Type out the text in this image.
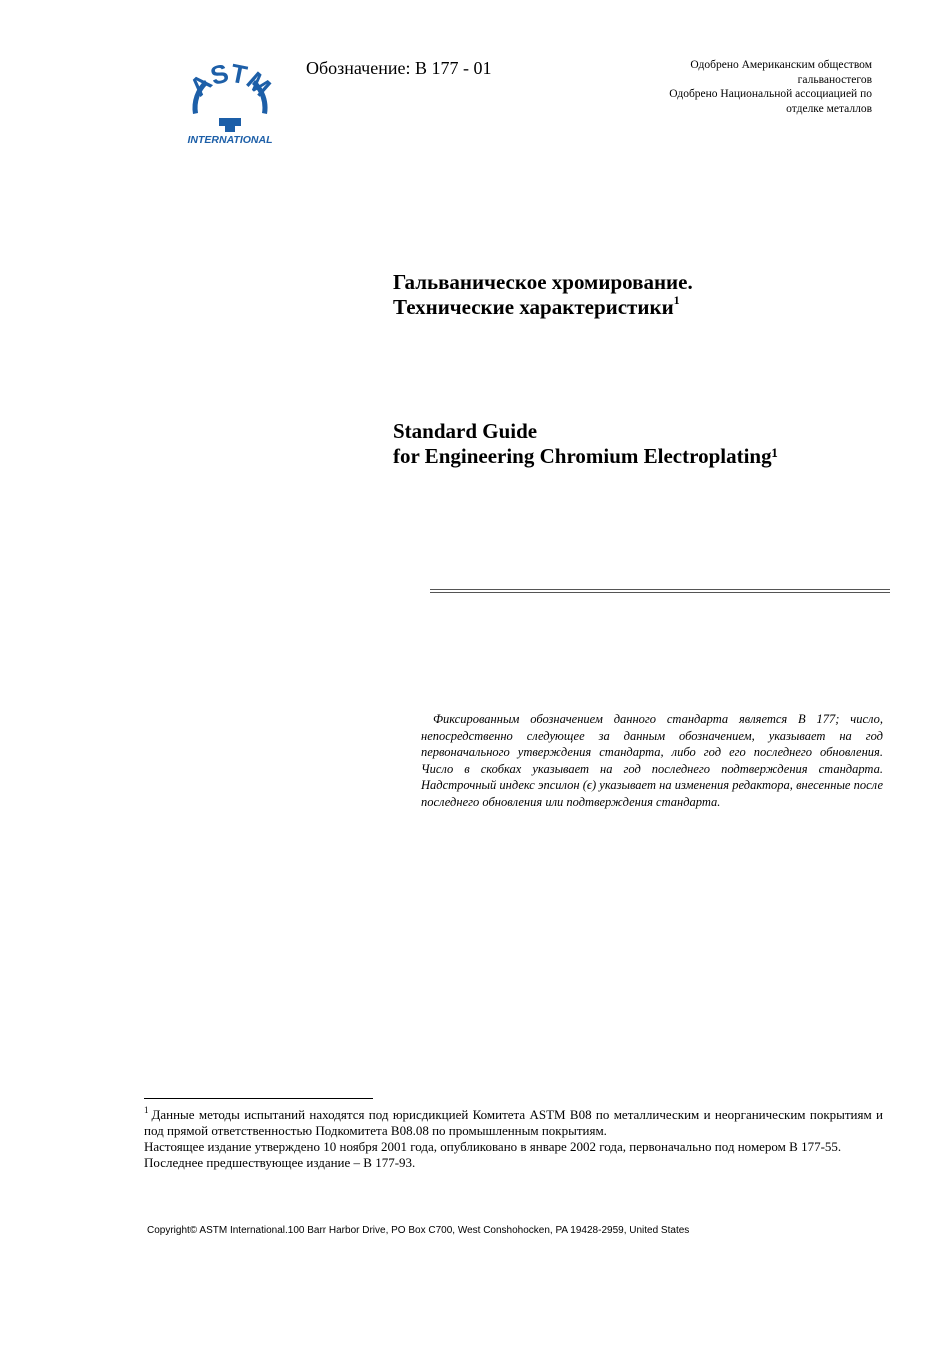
ASTM
INTERNATIONAL
Обозначение: B 177 - 01	Одобрено Американским обществом
гальваностегов
Одобрено Национальной ассоциацией по
отделке металлов
Гальваническое хромирование.
Технические характеристики$^1$
Standard Guide
for Engineering Chromium Electroplating¹
Фиксированным обозначением данного стандарта является B 177; число, непосредственно следующее за данным обозначением, указывает на год первоначального утверждения стандарта, либо год его последнего обновления. Число в скобках указывает на год последнего подтверждения стандарта. Надстрочный индекс эпсилон (ϵ) указывает на изменения редактора, внесенные после последнего обновления или подтверждения стандарта.

$^1$ Данные методы испытаний находятся под юрисдикцией Комитета ASTM B08 по металлическим и неорганическим покрытиям и под прямой ответственностью Подкомитета B08.08 по промышленным покрытиям.

Настоящее издание утверждено 10 ноября 2001 года, опубликовано в январе 2002 года, первоначально под номером B 177-55.

Последнее предшествующее издание – B 177-93.

Copyright© ASTM International.100 Barr Harbor Drive, PO Box C700, West Conshohocken, PA 19428-2959, United States
